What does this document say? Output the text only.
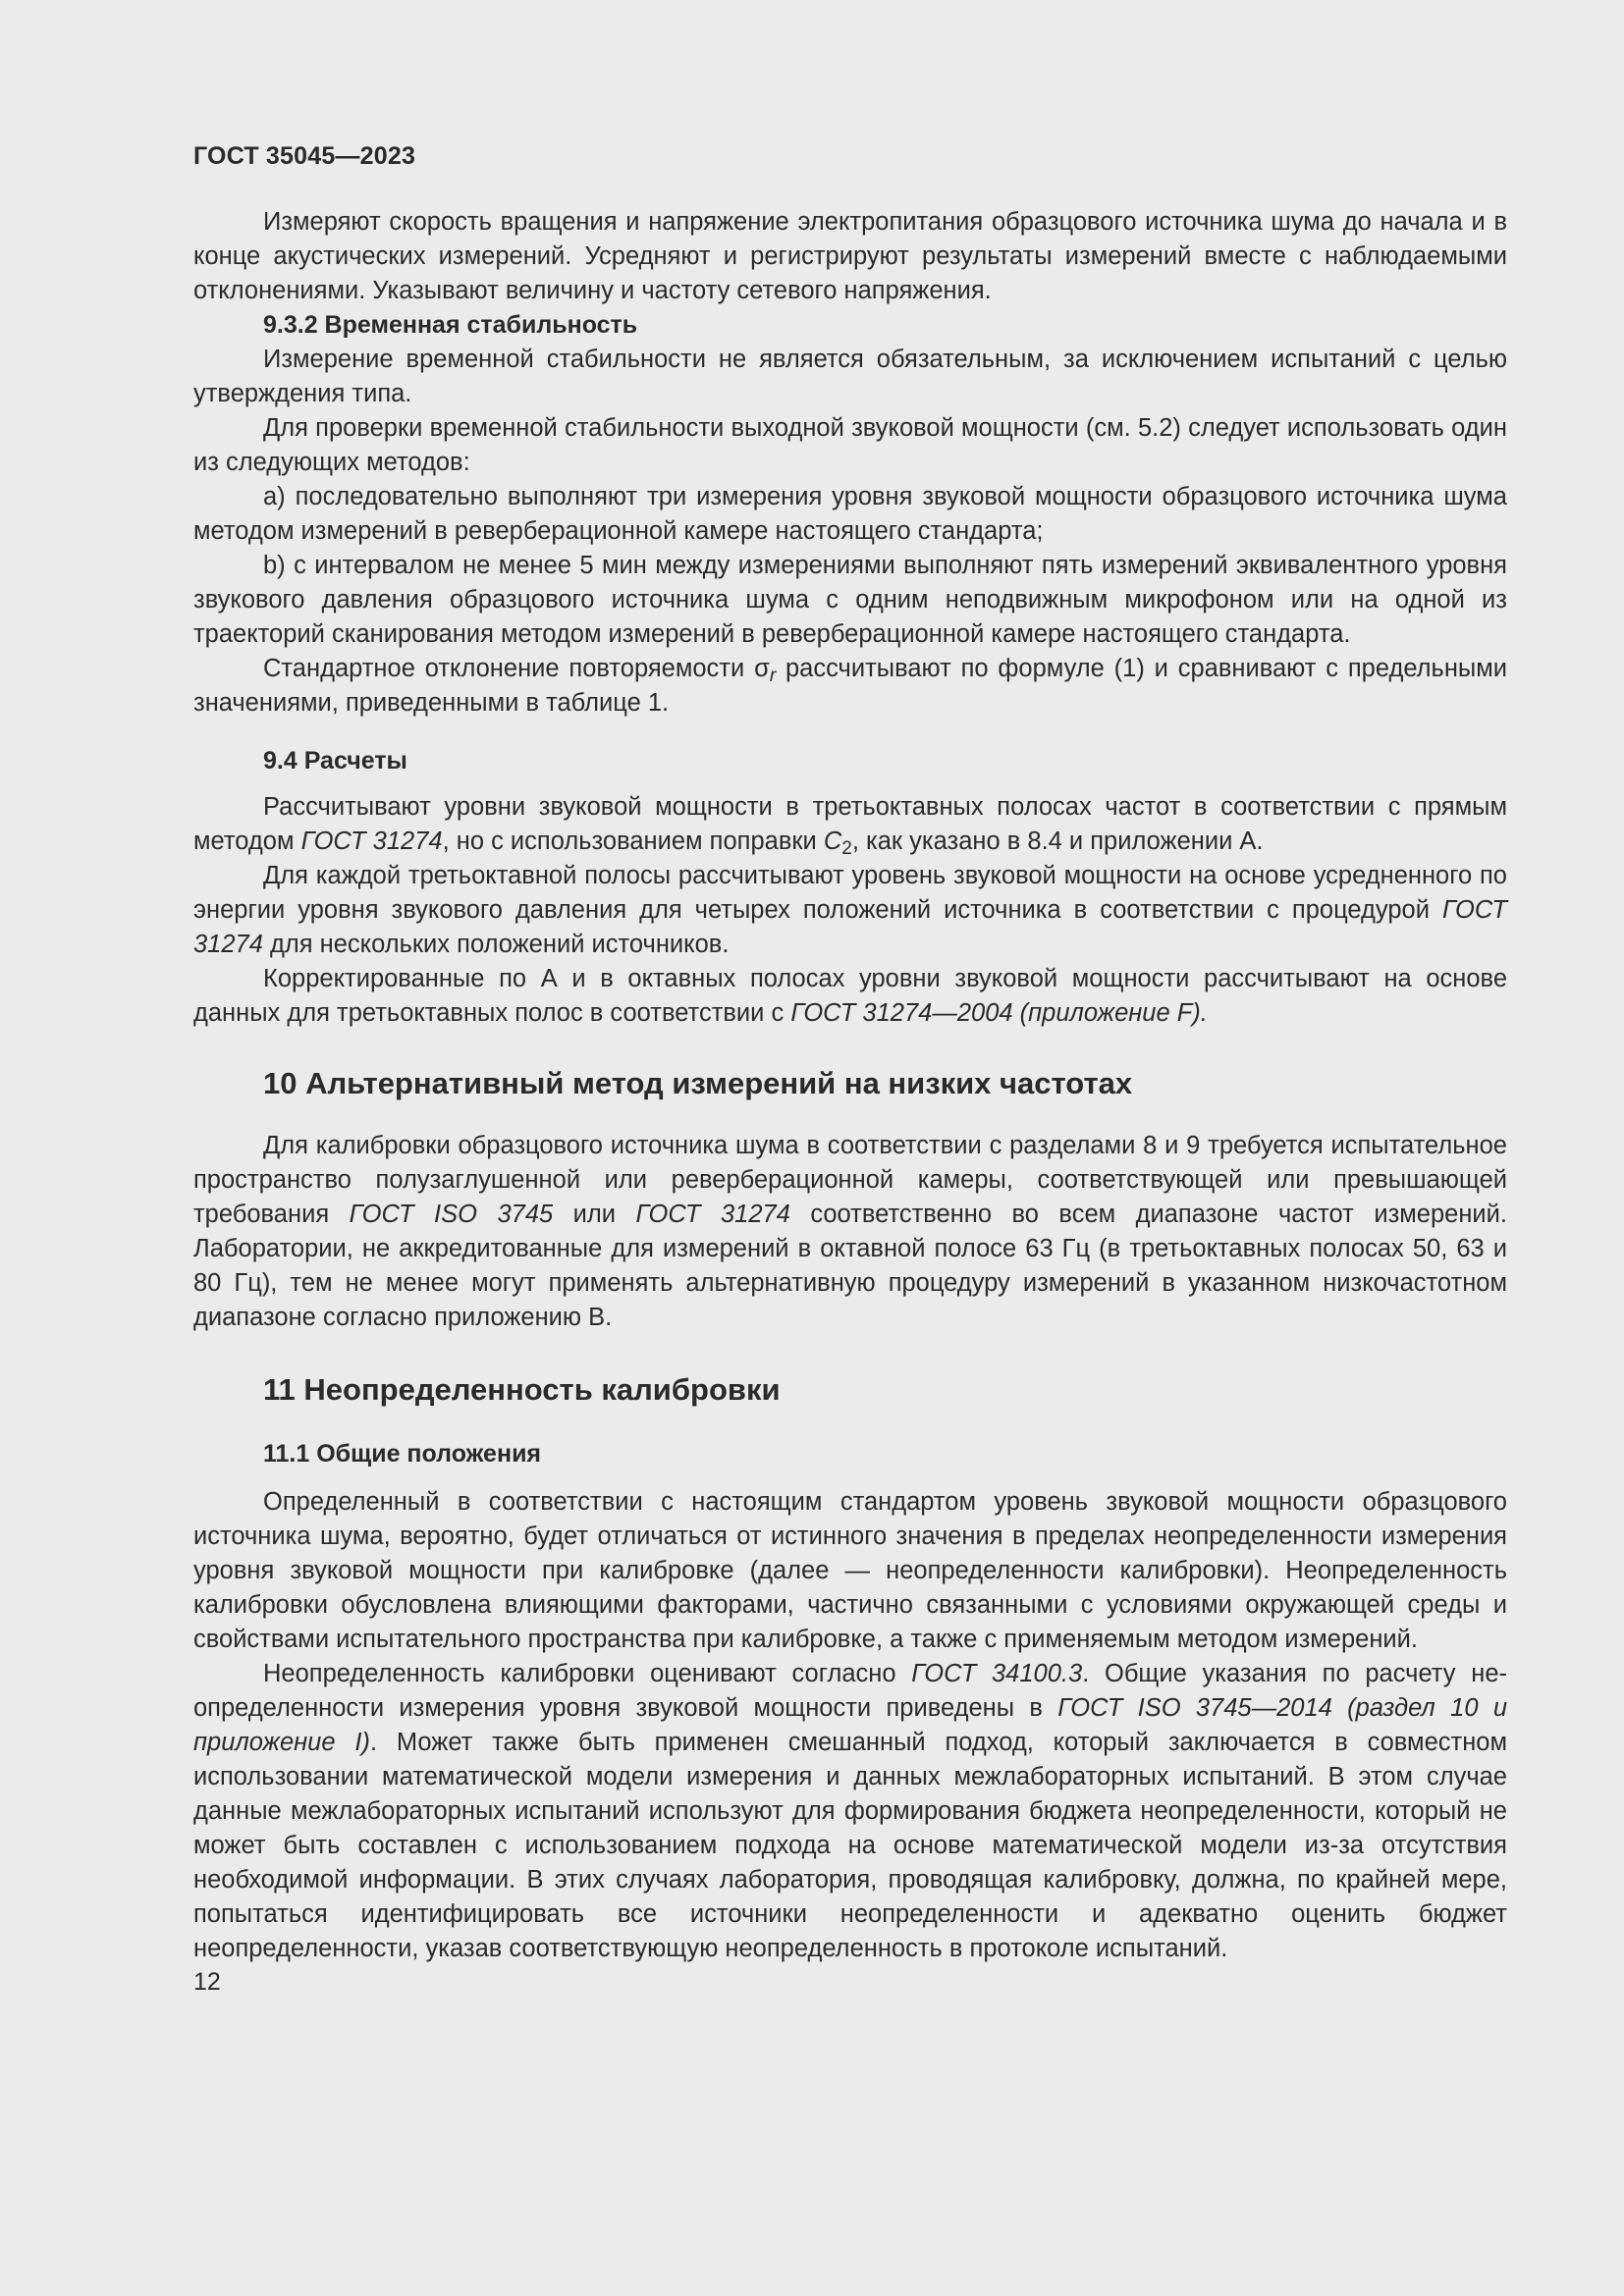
ГОСТ 35045—2023

Измеряют скорость вращения и напряжение электропитания образцового источника шума до начала и в конце акустических измерений. Усредняют и регистрируют результаты измерений вместе с наблюдаемыми отклонениями. Указывают величину и частоту сетевого напряжения.

9.3.2 Временная стабильность

Измерение временной стабильности не является обязательным, за исключением испытаний с целью утверждения типа.

Для проверки временной стабильности выходной звуковой мощности (см. 5.2) следует использовать один из следующих методов:

a) последовательно выполняют три измерения уровня звуковой мощности образцового источника шума методом измерений в реверберационной камере настоящего стандарта;

b) с интервалом не менее 5 мин между измерениями выполняют пять измерений эквивалентного уровня звукового давления образцового источника шума с одним неподвижным микрофоном или на одной из траекторий сканирования методом измерений в реверберационной камере настоящего стандарта.

Стандартное отклонение повторяемости $\sigma_r$ рассчитывают по формуле (1) и сравнивают с предельными значениями, приведенными в таблице 1.

9.4 Расчеты

Рассчитывают уровни звуковой мощности в третьоктавных полосах частот в соответствии с прямым методом ГОСТ 31274, но с использованием поправки $C_2$, как указано в 8.4 и приложении А.

Для каждой третьоктавной полосы рассчитывают уровень звуковой мощности на основе усредненного по энергии уровня звукового давления для четырех положений источника в соответствии с процедурой ГОСТ 31274 для нескольких положений источников.

Корректированные по А и в октавных полосах уровни звуковой мощности рассчитывают на основе данных для третьоктавных полос в соответствии с ГОСТ 31274—2004 (приложение F).

10 Альтернативный метод измерений на низких частотах

Для калибровки образцового источника шума в соответствии с разделами 8 и 9 требуется испытательное пространство полузаглушенной или реверберационной камеры, соответствующей или превышающей требования ГОСТ ISO 3745 или ГОСТ 31274 соответственно во всем диапазоне частот измерений. Лаборатории, не аккредитованные для измерений в октавной полосе 63 Гц (в третьоктавных полосах 50, 63 и 80 Гц), тем не менее могут применять альтернативную процедуру измерений в указанном низкочастотном диапазоне согласно приложению В.

11 Неопределенность калибровки
11.1 Общие положения

Определенный в соответствии с настоящим стандартом уровень звуковой мощности образцового источника шума, вероятно, будет отличаться от истинного значения в пределах неопределенности измерения уровня звуковой мощности при калибровке (далее — неопределенности калибровки). Неопределенность калибровки обусловлена влияющими факторами, частично связанными с условиями окружающей среды и свойствами испытательного пространства при калибровке, а также с применяемым методом измерений.

Неопределенность калибровки оценивают согласно ГОСТ 34100.3. Общие указания по расчету неопределенности измерения уровня звуковой мощности приведены в ГОСТ ISO 3745—2014 (раздел 10 и приложение I). Может также быть применен смешанный подход, который заключается в совместном использовании математической модели измерения и данных межлабораторных испытаний. В этом случае данные межлабораторных испытаний используют для формирования бюджета неопределенности, который не может быть составлен с использованием подхода на основе математической модели из-за отсутствия необходимой информации. В этих случаях лаборатория, проводящая калибровку, должна, по крайней мере, попытаться идентифицировать все источники неопределенности и адекватно оценить бюджет неопределенности, указав соответствующую неопределенность в протоколе испытаний.

12
